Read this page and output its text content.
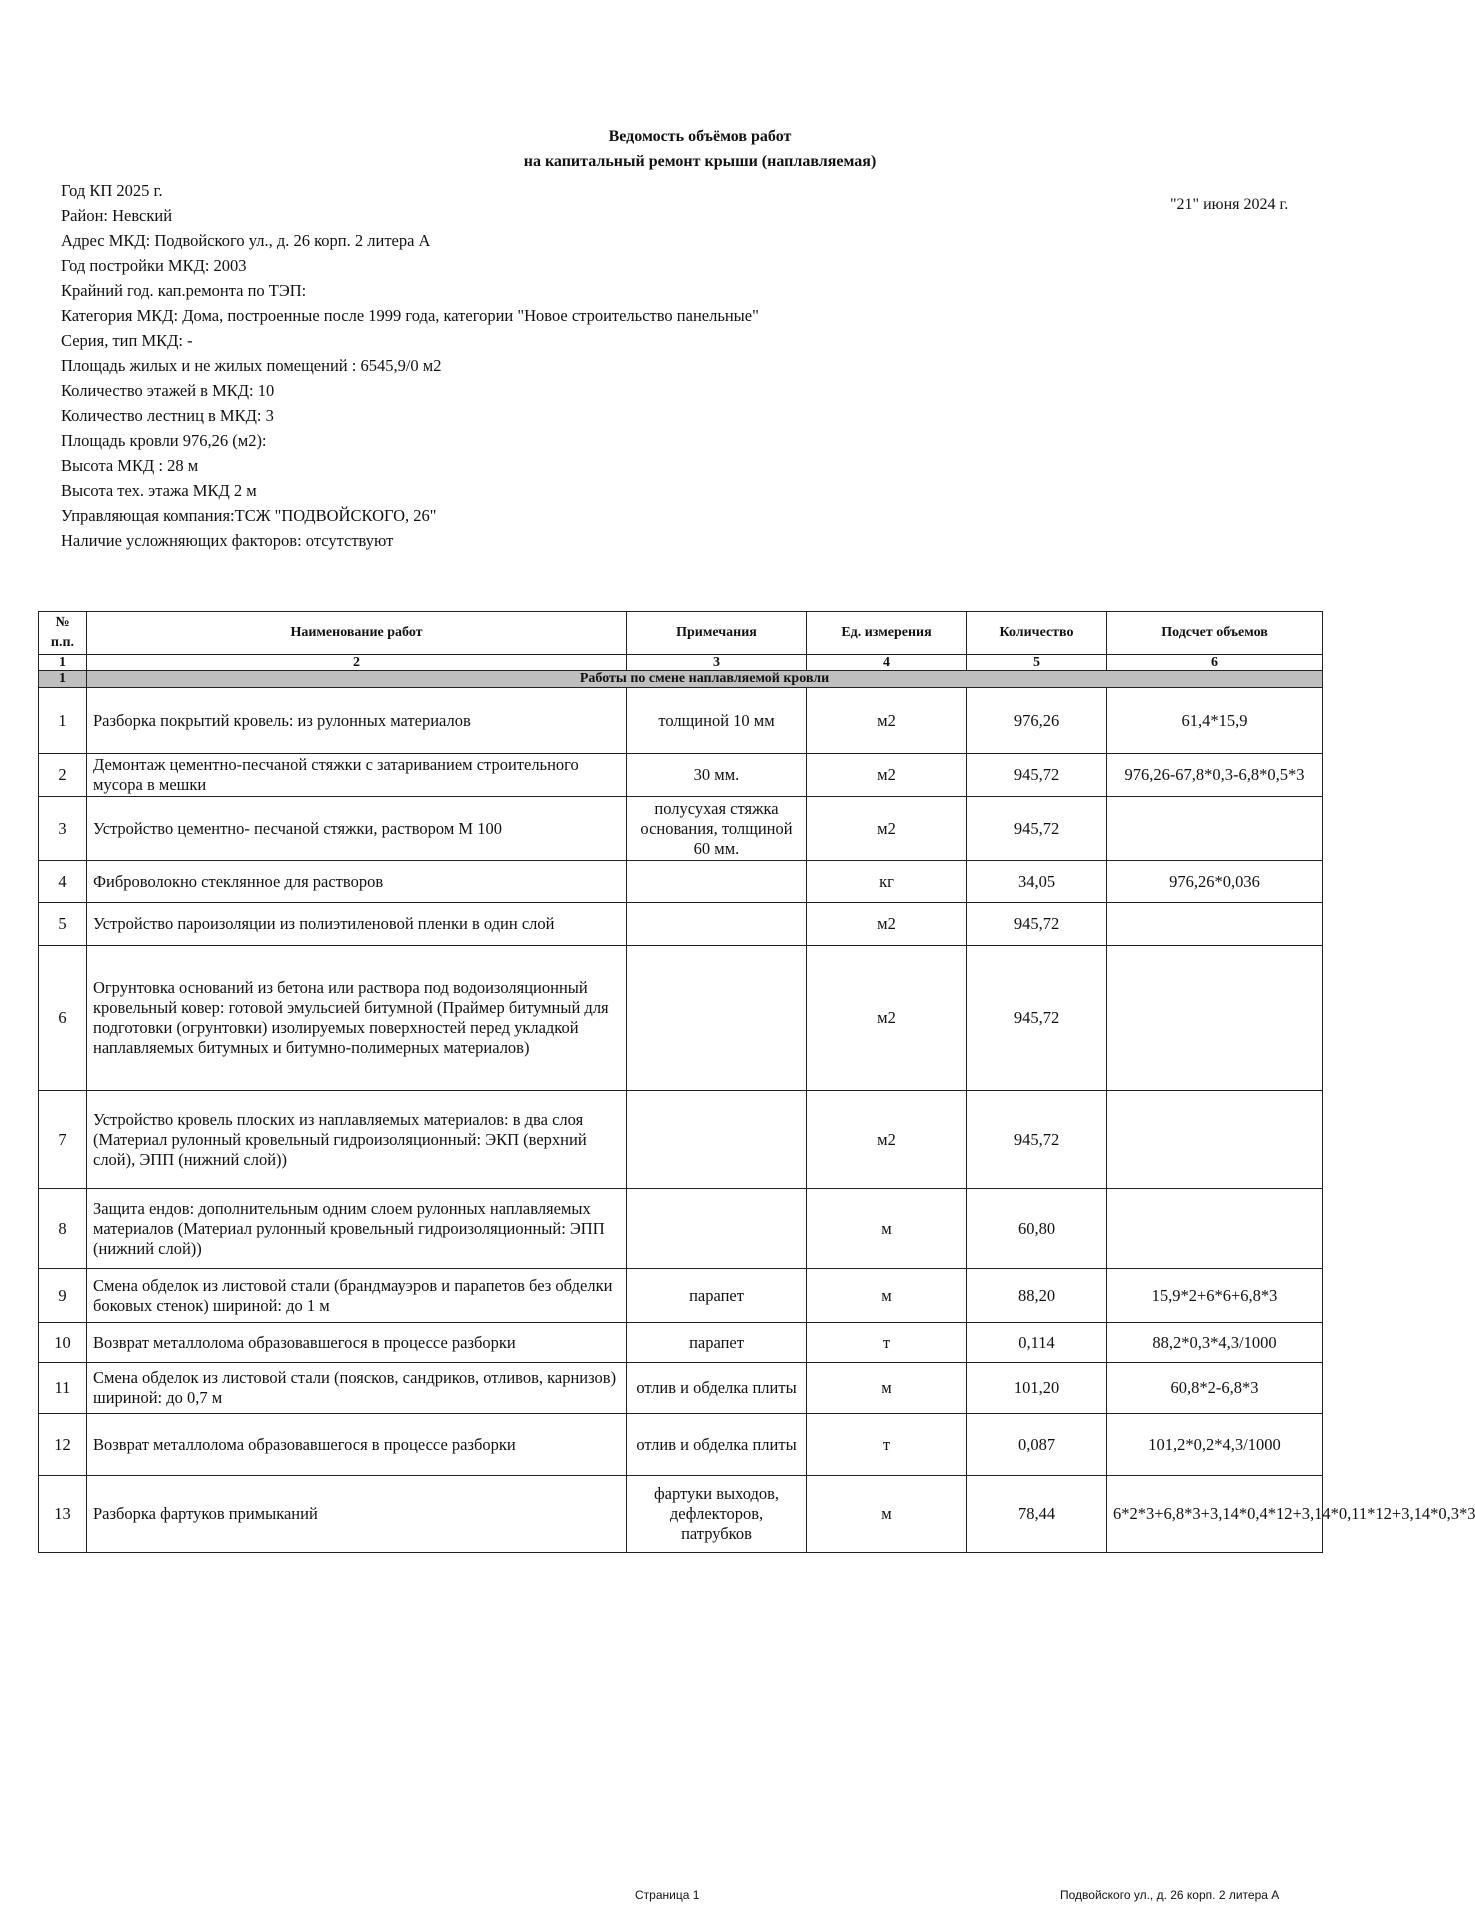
Ведомость объёмов работ
на капитальный ремонт крыши (наплавляемая)
"21" июня 2024 г.
Год КП 2025 г.
Район: Невский
Адрес МКД: Подвойского ул., д. 26 корп. 2 литера А
Год постройки МКД: 2003
Крайний год. кап.ремонта по ТЭП:
Категория МКД: Дома, построенные после 1999 года, категории "Новое строительство панельные"
Серия, тип МКД: -
Площадь жилых и не жилых помещений : 6545,9/0 м2
Количество этажей в МКД: 10
Количество лестниц в МКД: 3
Площадь кровли 976,26 (м2):
Высота МКД : 28 м
Высота тех. этажа МКД 2 м
Управляющая компания:ТСЖ "ПОДВОЙСКОГО, 26"
Наличие усложняющих факторов: отсутствуют
№ п.п.	Наименование работ	Примечания	Ед. измерения	Количество	Подсчет объемов
1	2	3	4	5	6
1	Работы по смене наплавляемой кровли				
1	Разборка покрытий кровель: из рулонных материалов	толщиной 10 мм	м2	976,26	61,4*15,9
2	Демонтаж цементно-песчаной стяжки с затариванием строительного мусора в мешки	30 мм.	м2	945,72	976,26-67,8*0,3-6,8*0,5*3
3	Устройство цементно- песчаной стяжки, раствором М 100	полусухая стяжка основания, толщиной 60 мм.	м2	945,72	
4	Фиброволокно стеклянное для растворов		кг	34,05	976,26*0,036
5	Устройство пароизоляции из полиэтиленовой пленки в один слой		м2	945,72	
6	Огрунтовка оснований из бетона или раствора под водоизоляционный кровельный ковер: готовой эмульсией битумной (Праймер битумный для подготовки (огрунтовки) изолируемых поверхностей перед укладкой наплавляемых битумных и битумно-полимерных материалов)		м2	945,72	
7	Устройство кровель плоских из наплавляемых материалов: в два слоя (Материал рулонный кровельный гидроизоляционный: ЭКП (верхний слой), ЭПП (нижний слой))		м2	945,72	
8	Защита ендов: дополнительным одним слоем рулонных наплавляемых материалов (Материал рулонный кровельный гидроизоляционный: ЭПП (нижний слой))		м	60,80	
9	Смена обделок из листовой стали (брандмауэров и парапетов без обделки боковых стенок) шириной: до 1 м	парапет	м	88,20	15,9*2+6*6+6,8*3
10	Возврат металлолома образовавшегося в процессе разборки	парапет	т	0,114	88,2*0,3*4,3/1000
11	Смена обделок из листовой стали (поясков, сандриков, отливов, карнизов) шириной: до 0,7 м	отлив и обделка плиты	м	101,20	60,8*2-6,8*3
12	Возврат металлолома образовавшегося в процессе разборки	отлив и обделка плиты	т	0,087	101,2*0,2*4,3/1000
13	Разборка фартуков примыканий	фартуки выходов, дефлекторов, патрубков	м	78,44	6*2*3+6,8*3+3,14*0,4*12+3,14*0,11*12+3,14*0,3*3
Страница 1	Подвойского ул., д. 26 корп. 2 литера А
